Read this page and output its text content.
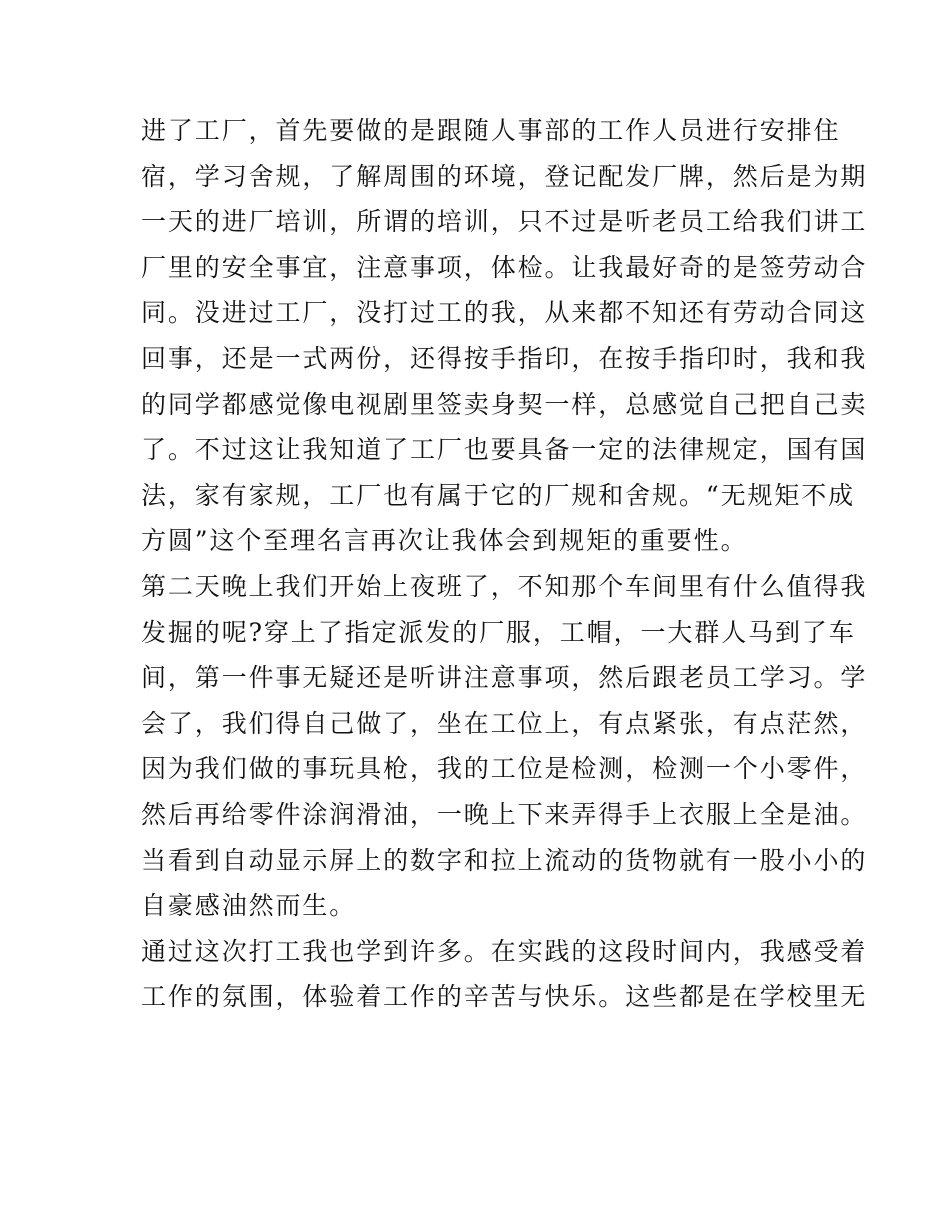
进了工厂，首先要做的是跟随人事部的工作人员进行安排住
宿，学习舍规，了解周围的环境，登记配发厂牌，然后是为期
一天的进厂培训，所谓的培训，只不过是听老员工给我们讲工
厂里的安全事宜，注意事项，体检。让我最好奇的是签劳动合
同。没进过工厂，没打过工的我，从来都不知还有劳动合同这
回事，还是一式两份，还得按手指印，在按手指印时，我和我
的同学都感觉像电视剧里签卖身契一样，总感觉自己把自己卖
了。不过这让我知道了工厂也要具备一定的法律规定，国有国
法，家有家规，工厂也有属于它的厂规和舍规。“无规矩不成
方圆”这个至理名言再次让我体会到规矩的重要性。
第二天晚上我们开始上夜班了，不知那个车间里有什么值得我
发掘的呢?穿上了指定派发的厂服，工帽，一大群人马到了车
间，第一件事无疑还是听讲注意事项，然后跟老员工学习。学
会了，我们得自己做了，坐在工位上，有点紧张，有点茫然，
因为我们做的事玩具枪，我的工位是检测，检测一个小零件，
然后再给零件涂润滑油，一晚上下来弄得手上衣服上全是油。
当看到自动显示屏上的数字和拉上流动的货物就有一股小小的
自豪感油然而生。
通过这次打工我也学到许多。在实践的这段时间内，我感受着
工作的氛围，体验着工作的辛苦与快乐。这些都是在学校里无
